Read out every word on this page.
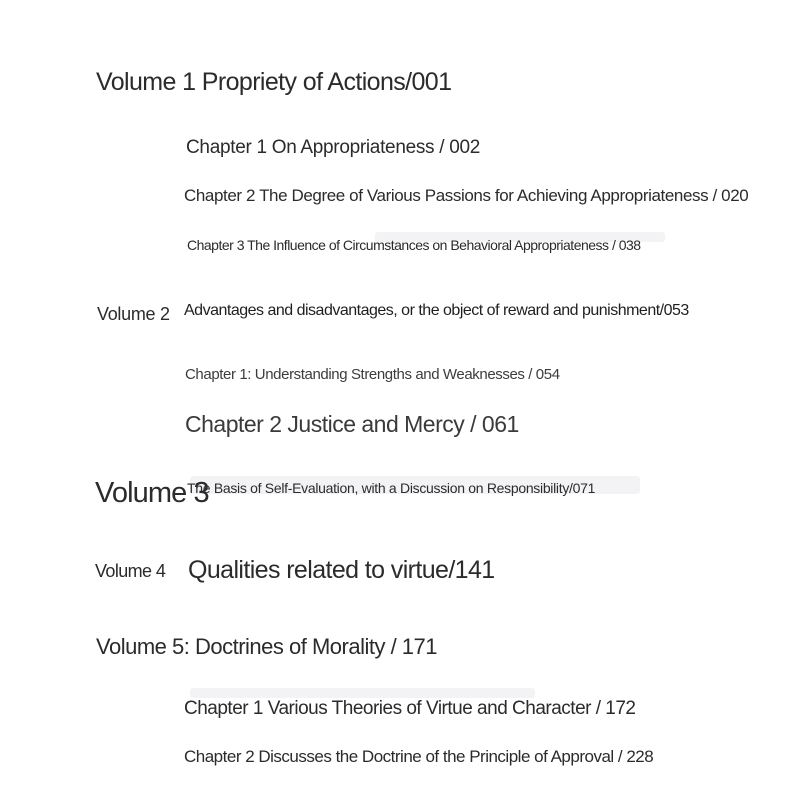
Volume 1 Propriety of Actions/001
Chapter 1 On Appropriateness / 002
Chapter 2 The Degree of Various Passions for Achieving Appropriateness / 020
Chapter 3 The Influence of Circumstances on Behavioral Appropriateness / 038
Volume 2 Advantages and disadvantages, or the object of reward and punishment/053
Chapter 1: Understanding Strengths and Weaknesses / 054
Chapter 2 Justice and Mercy / 061
Volume 3
The Basis of Self-Evaluation, with a Discussion on Responsibility/071
Volume 4 Qualities related to virtue/141
Volume 5: Doctrines of Morality / 171
Chapter 1 Various Theories of Virtue and Character / 172
Chapter 2 Discusses the Doctrine of the Principle of Approval / 228
